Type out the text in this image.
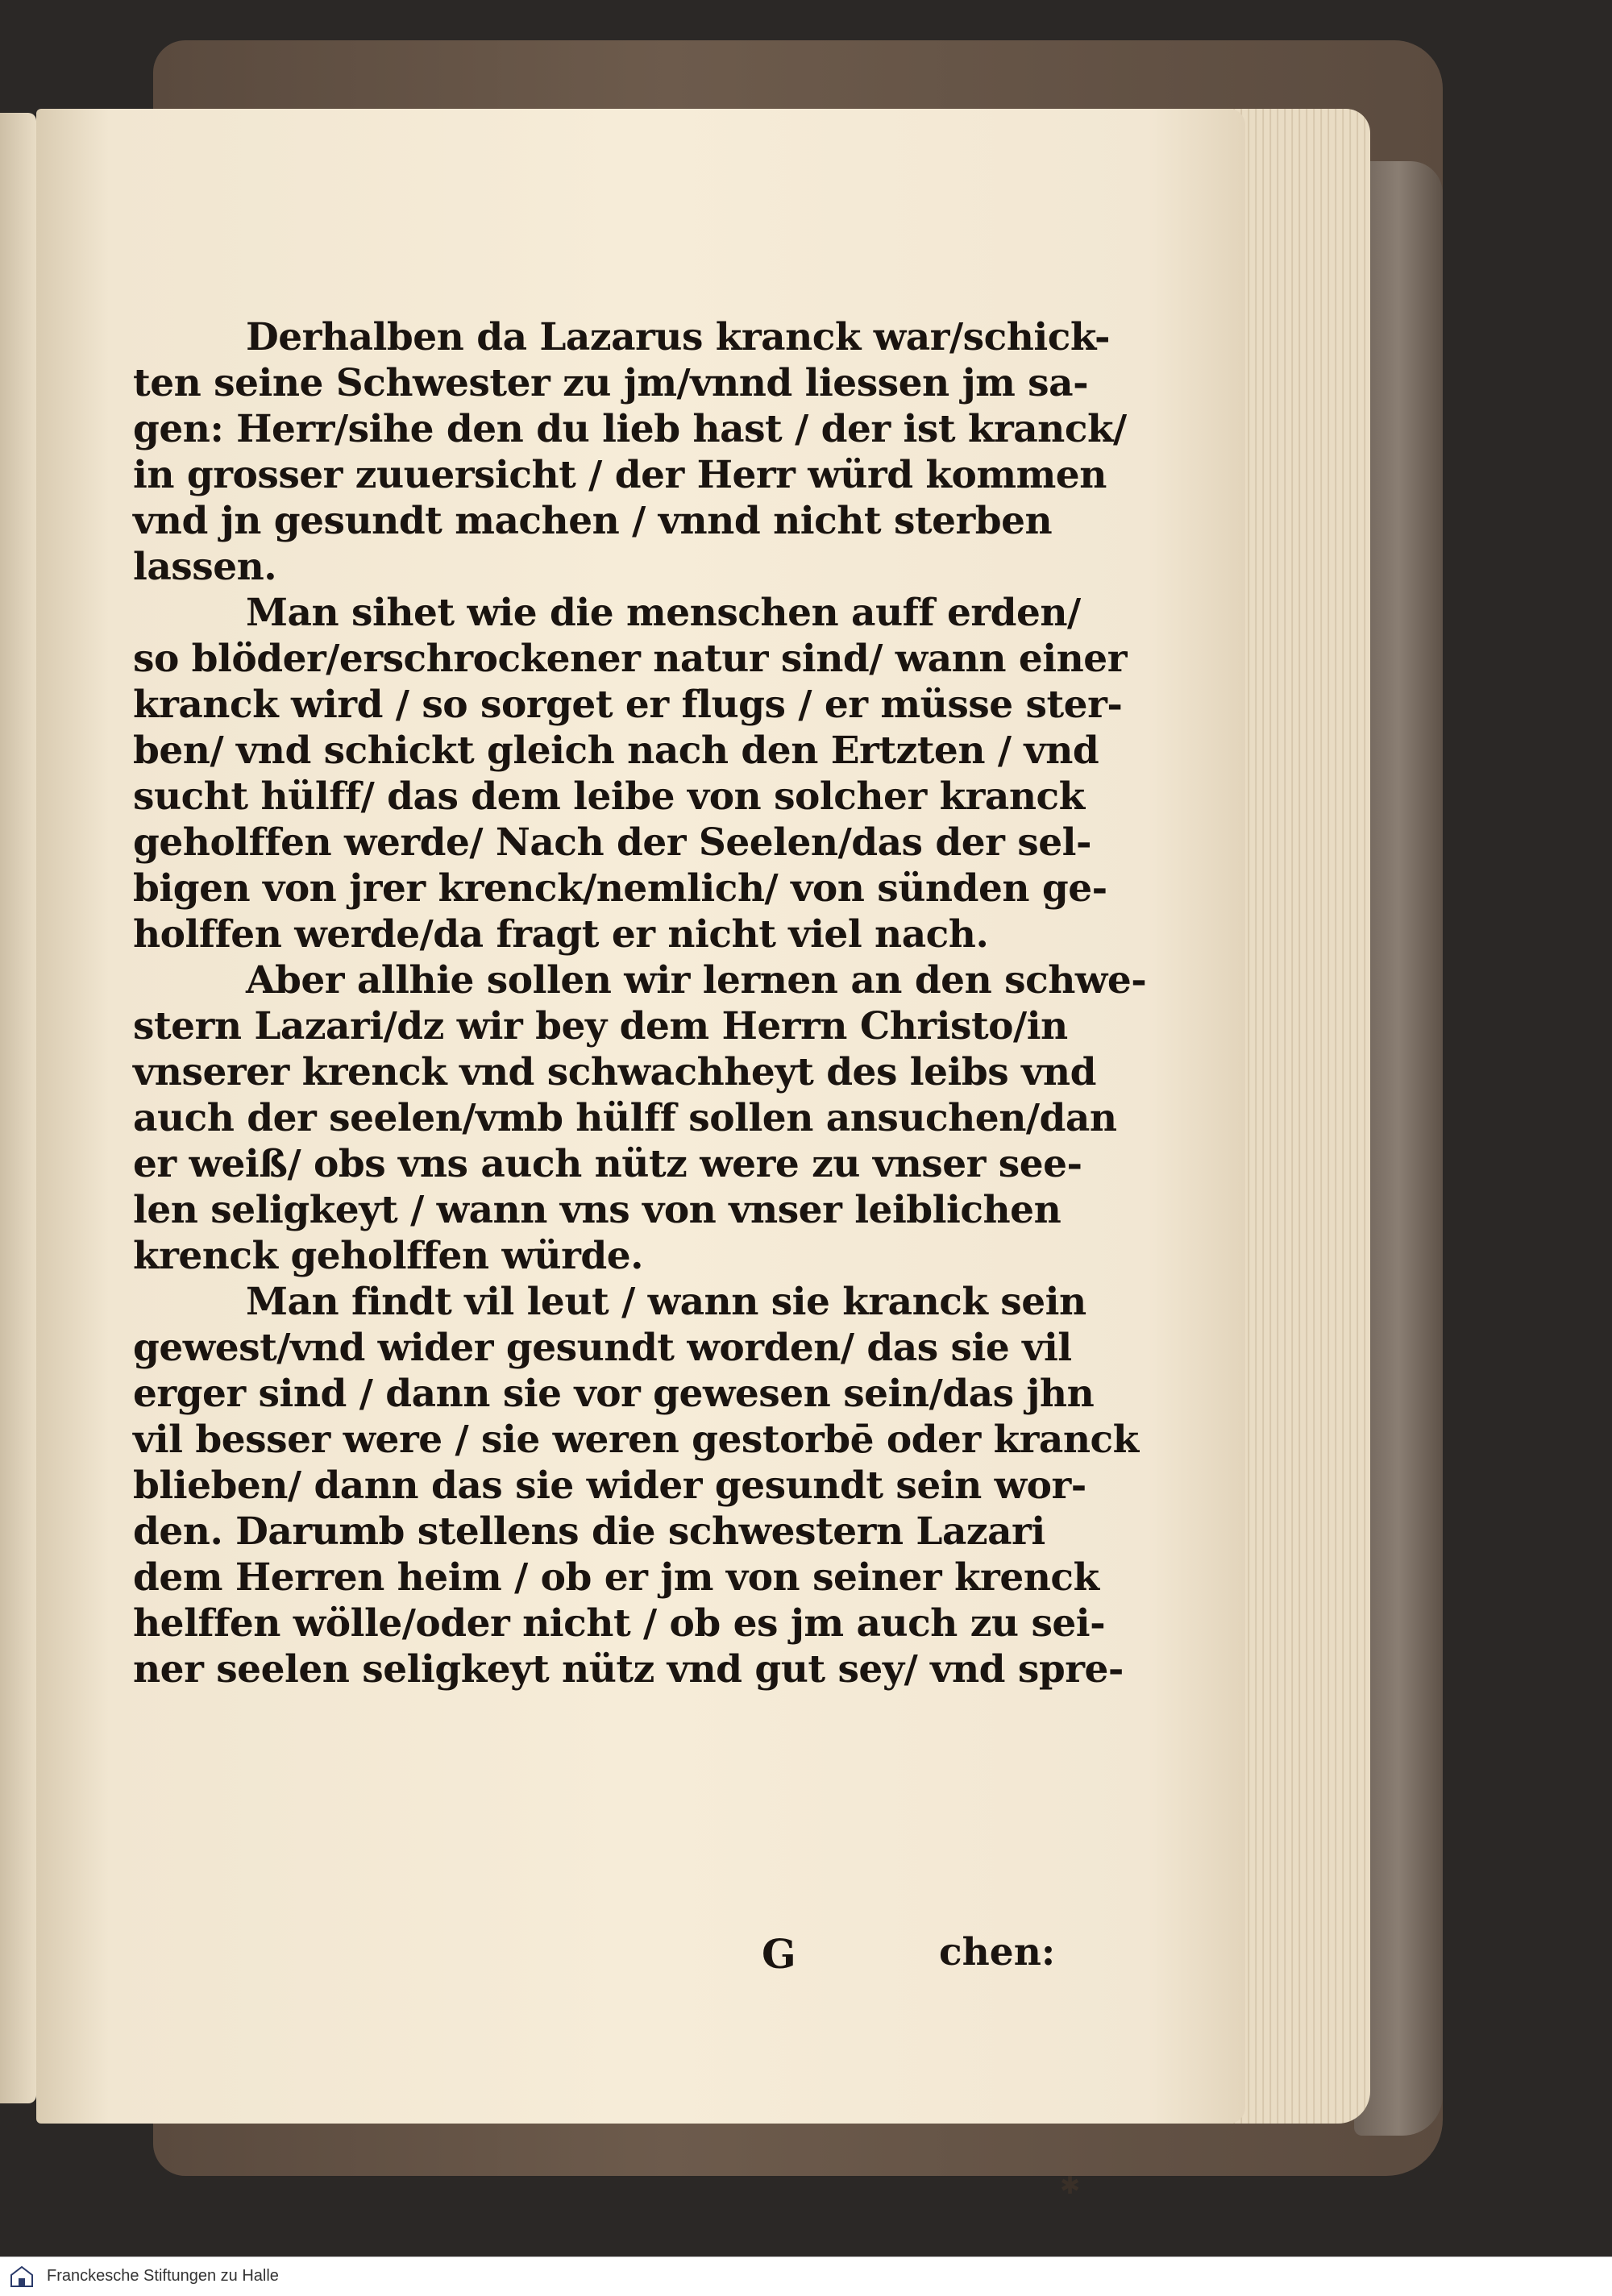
Derhalben da Lazarus kranck war/schick-
ten seine Schwester zu jm/vnnd liessen jm sa-
gen: Herr/sihe den du lieb hast / der ist kranck/
in grosser zuuersicht / der Herr würd kommen
vnd jn gesundt machen / vnnd nicht sterben
lassen.
Man sihet wie die menschen auff erden/
so blöder/erschrockener natur sind/ wann einer
kranck wird / so sorget er flugs / er müsse ster-
ben/ vnd schickt gleich nach den Ertzten / vnd
sucht hülff/ das dem leibe von solcher kranck
geholffen werde/ Nach der Seelen/das der sel-
bigen von jrer krenck/nemlich/ von sünden ge-
holffen werde/da fragt er nicht viel nach.
Aber allhie sollen wir lernen an den schwe-
stern Lazari/dz wir bey dem Herrn Christo/in
vnserer krenck vnd schwachheyt des leibs vnd
auch der seelen/vmb hülff sollen ansuchen/dan
er weiß/ obs vns auch nütz were zu vnser see-
len seligkeyt / wann vns von vnser leiblichen
krenck geholffen würde.
Man findt vil leut / wann sie kranck sein
gewest/vnd wider gesundt worden/ das sie vil
erger sind / dann sie vor gewesen sein/das jhn
vil besser were / sie weren gestorbē oder kranck
blieben/ dann das sie wider gesundt sein wor-
den. Darumb stellens die schwestern Lazari
dem Herren heim / ob er jm von seiner krenck
helffen wölle/oder nicht / ob es jm auch zu sei-
ner seelen seligkeyt nütz vnd gut sey/ vnd spre-
G	chen:
✱
Franckesche Stiftungen zu Halle
